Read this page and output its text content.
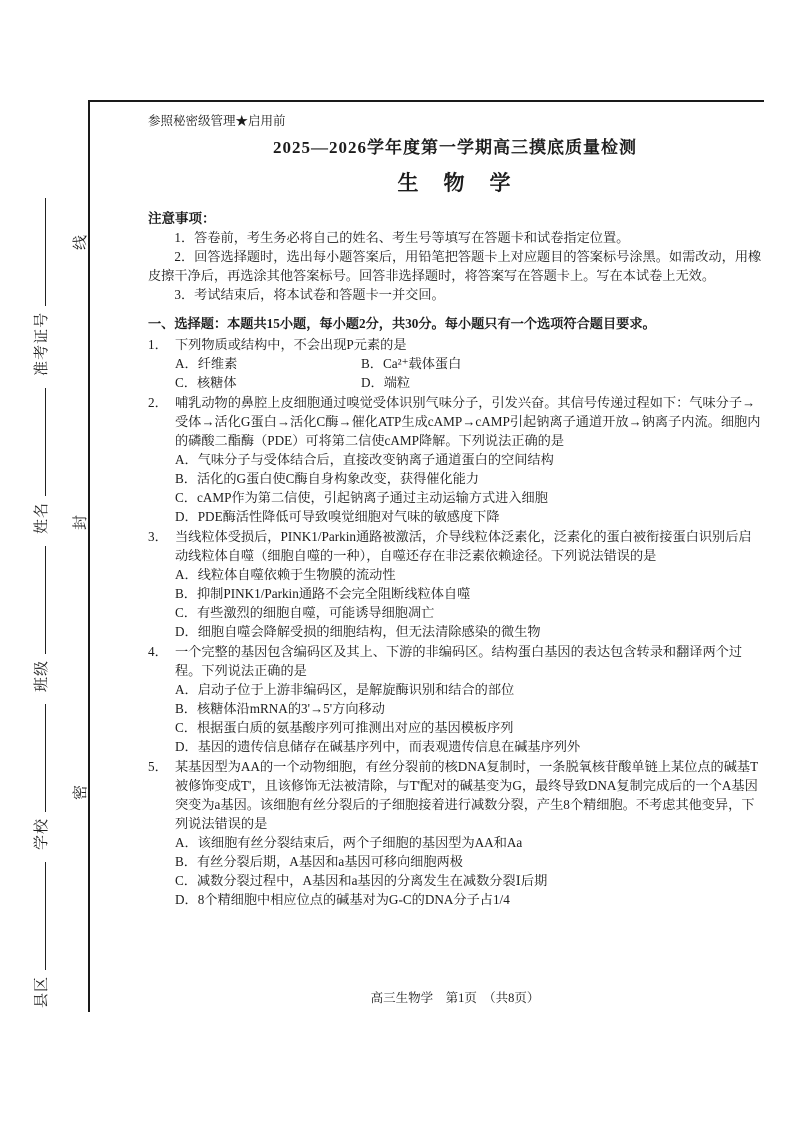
县区学校班级姓名准考证号
密
封
线
参照秘密级管理★启用前
2025—2026学年度第一学期高三摸底质量检测
生　物　学
注意事项：

1．答卷前，考生务必将自己的姓名、考生号等填写在答题卡和试卷指定位置。

2．回答选择题时，选出每小题答案后，用铅笔把答题卡上对应题目的答案标号涂黑。如需改动，用橡皮擦干净后，再选涂其他答案标号。回答非选择题时，将答案写在答题卡上。写在本试卷上无效。

3．考试结束后，将本试卷和答题卡一并交回。

一、选择题：本题共15小题，每小题2分，共30分。每小题只有一个选项符合题目要求。
1． 下列物质或结构中，不会出现P元素的是
A．纤维素	B．Ca²⁺载体蛋白
C．核糖体	D．端粒
2． 哺乳动物的鼻腔上皮细胞通过嗅觉受体识别气味分子，引发兴奋。其信号传递过程如下：气味分子→受体→活化G蛋白→活化C酶→催化ATP生成cAMP→cAMP引起钠离子通道开放→钠离子内流。细胞内的磷酸二酯酶（PDE）可将第二信使cAMP降解。下列说法正确的是
A．气味分子与受体结合后，直接改变钠离子通道蛋白的空间结构
B．活化的G蛋白使C酶自身构象改变，获得催化能力
C．cAMP作为第二信使，引起钠离子通过主动运输方式进入细胞
D．PDE酶活性降低可导致嗅觉细胞对气味的敏感度下降
3． 当线粒体受损后，PINK1/Parkin通路被激活，介导线粒体泛素化，泛素化的蛋白被衔接蛋白识别后启动线粒体自噬（细胞自噬的一种），自噬还存在非泛素依赖途径。下列说法错误的是
A．线粒体自噬依赖于生物膜的流动性
B．抑制PINK1/Parkin通路不会完全阻断线粒体自噬
C．有些激烈的细胞自噬，可能诱导细胞凋亡
D．细胞自噬会降解受损的细胞结构，但无法清除感染的微生物
4． 一个完整的基因包含编码区及其上、下游的非编码区。结构蛋白基因的表达包含转录和翻译两个过程。下列说法正确的是
A．启动子位于上游非编码区，是解旋酶识别和结合的部位
B．核糖体沿mRNA的3'→5'方向移动
C．根据蛋白质的氨基酸序列可推测出对应的基因模板序列
D．基因的遗传信息储存在碱基序列中，而表观遗传信息在碱基序列外
5． 某基因型为AA的一个动物细胞，有丝分裂前的核DNA复制时，一条脱氧核苷酸单链上某位点的碱基T被修饰变成T'，且该修饰无法被清除，与T'配对的碱基变为G，最终导致DNA复制完成后的一个A基因突变为a基因。该细胞有丝分裂后的子细胞接着进行减数分裂，产生8个精细胞。不考虑其他变异，下列说法错误的是
A．该细胞有丝分裂结束后，两个子细胞的基因型为AA和Aa
B．有丝分裂后期，A基因和a基因可移向细胞两极
C．减数分裂过程中，A基因和a基因的分离发生在减数分裂Ⅰ后期
D．8个精细胞中相应位点的碱基对为G-C的DNA分子占1/4
高三生物学　第1页　（共8页）
